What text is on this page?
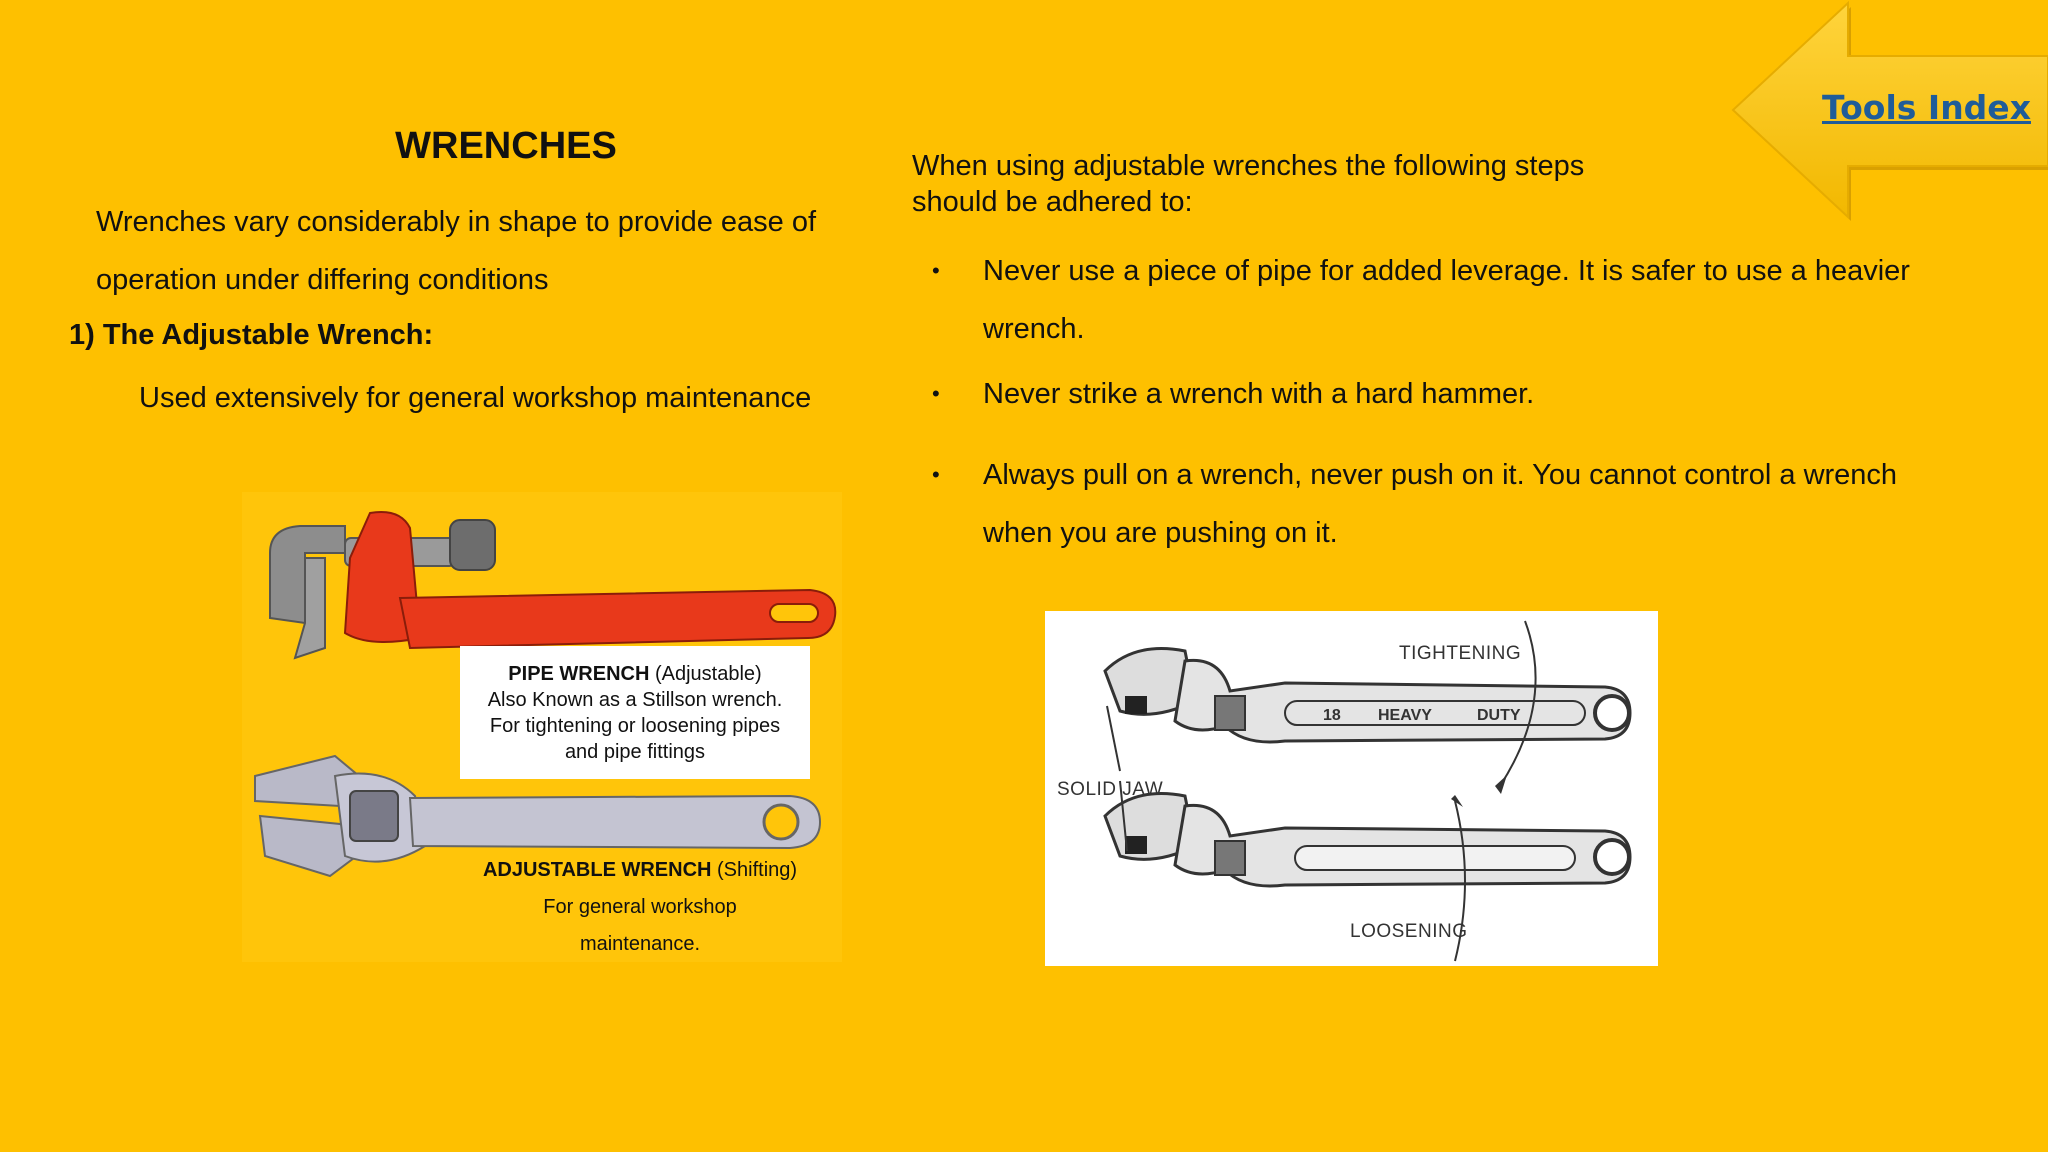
Tools Index
WRENCHES
Wrenches vary considerably in shape to provide ease of operation under differing conditions
1) The Adjustable Wrench:
Used extensively for general workshop maintenance
PIPE WRENCH (Adjustable)
Also Known as a Stillson wrench.
For tightening or loosening pipes
and pipe fittings
ADJUSTABLE WRENCH (Shifting)
For general workshop
maintenance.
When using adjustable wrenches the following steps should be adhered to:
• Never use a piece of pipe for added leverage. It is safer to use a heavier wrench.
• Never strike a wrench with a hard hammer.
• Always pull on a wrench, never push on it. You cannot control a wrench when you are pushing on it.
18 HEAVY	DUTY
TIGHTENING
SOLID JAW
LOOSENING
